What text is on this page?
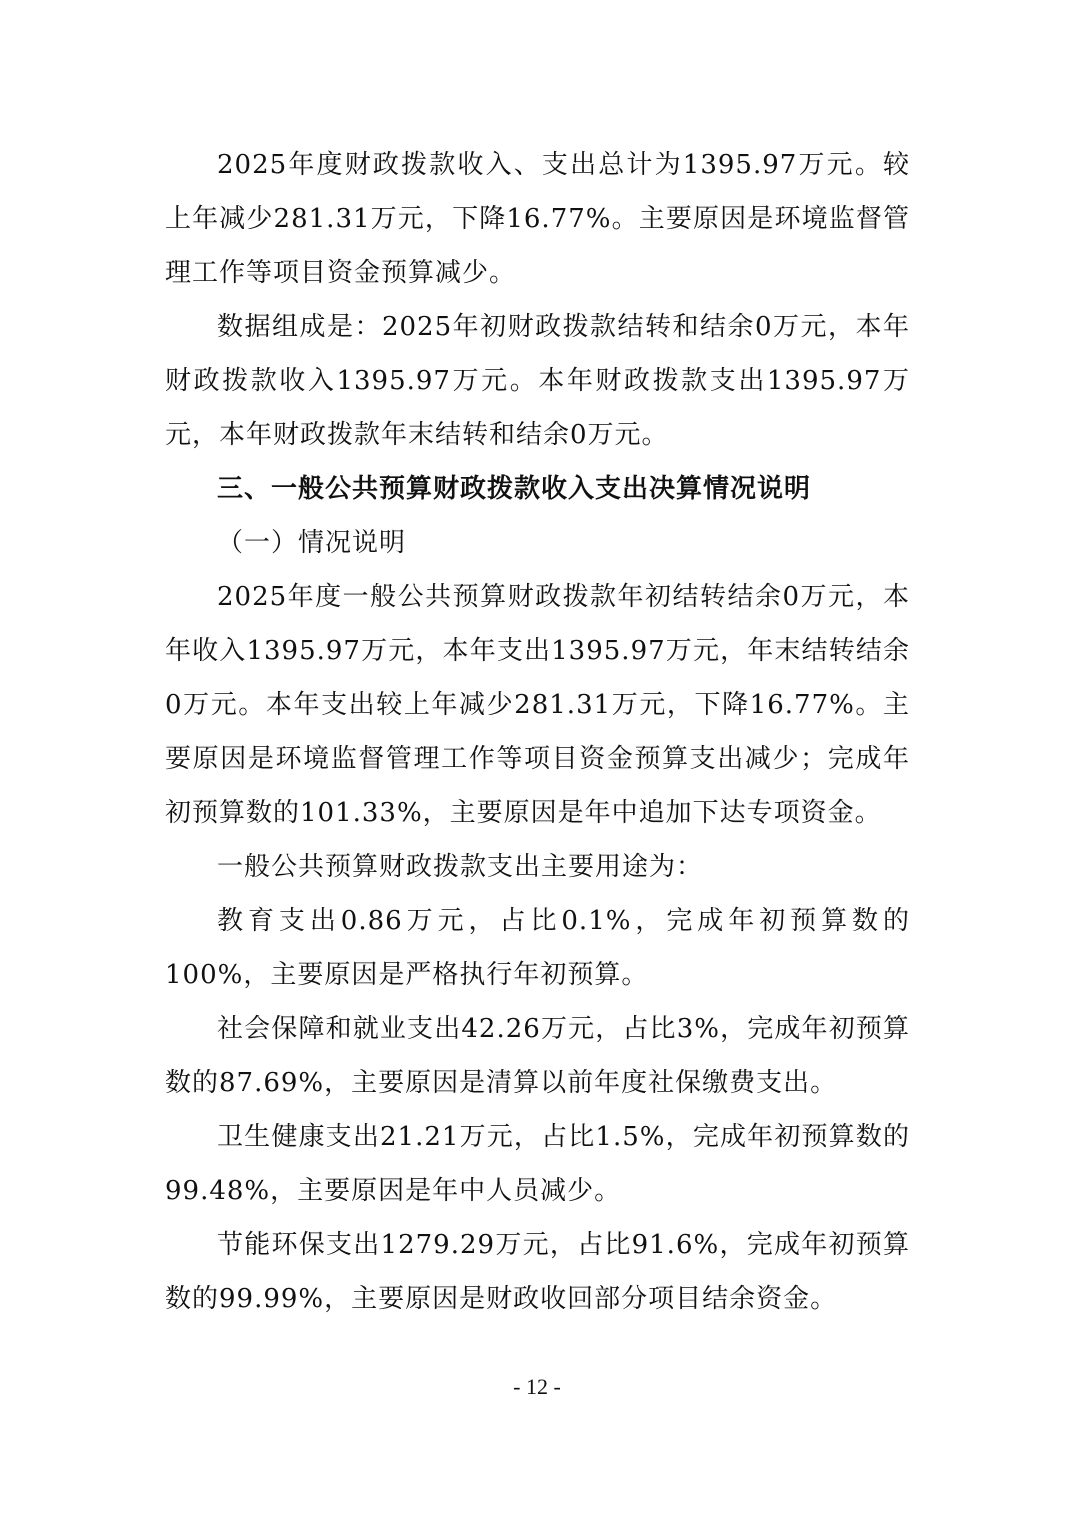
2025年度财政拨款收入、支出总计为1395.97万元。较上年减少281.31万元，下降16.77%。主要原因是环境监督管理工作等项目资金预算减少。

数据组成是：2025年初财政拨款结转和结余0万元，本年财政拨款收入1395.97万元。本年财政拨款支出1395.97万元，本年财政拨款年末结转和结余0万元。

三、一般公共预算财政拨款收入支出决算情况说明

（一）情况说明

2025年度一般公共预算财政拨款年初结转结余0万元，本年收入1395.97万元，本年支出1395.97万元，年末结转结余0万元。本年支出较上年减少281.31万元，下降16.77%。主要原因是环境监督管理工作等项目资金预算支出减少；完成年初预算数的101.33%，主要原因是年中追加下达专项资金。

一般公共预算财政拨款支出主要用途为：

教育支出0.86万元，占比0.1%，完成年初预算数的100%，主要原因是严格执行年初预算。

社会保障和就业支出42.26万元，占比3%，完成年初预算数的87.69%，主要原因是清算以前年度社保缴费支出。

卫生健康支出21.21万元，占比1.5%，完成年初预算数的99.48%，主要原因是年中人员减少。

节能环保支出1279.29万元，占比91.6%，完成年初预算数的99.99%，主要原因是财政收回部分项目结余资金。

- 12 -
